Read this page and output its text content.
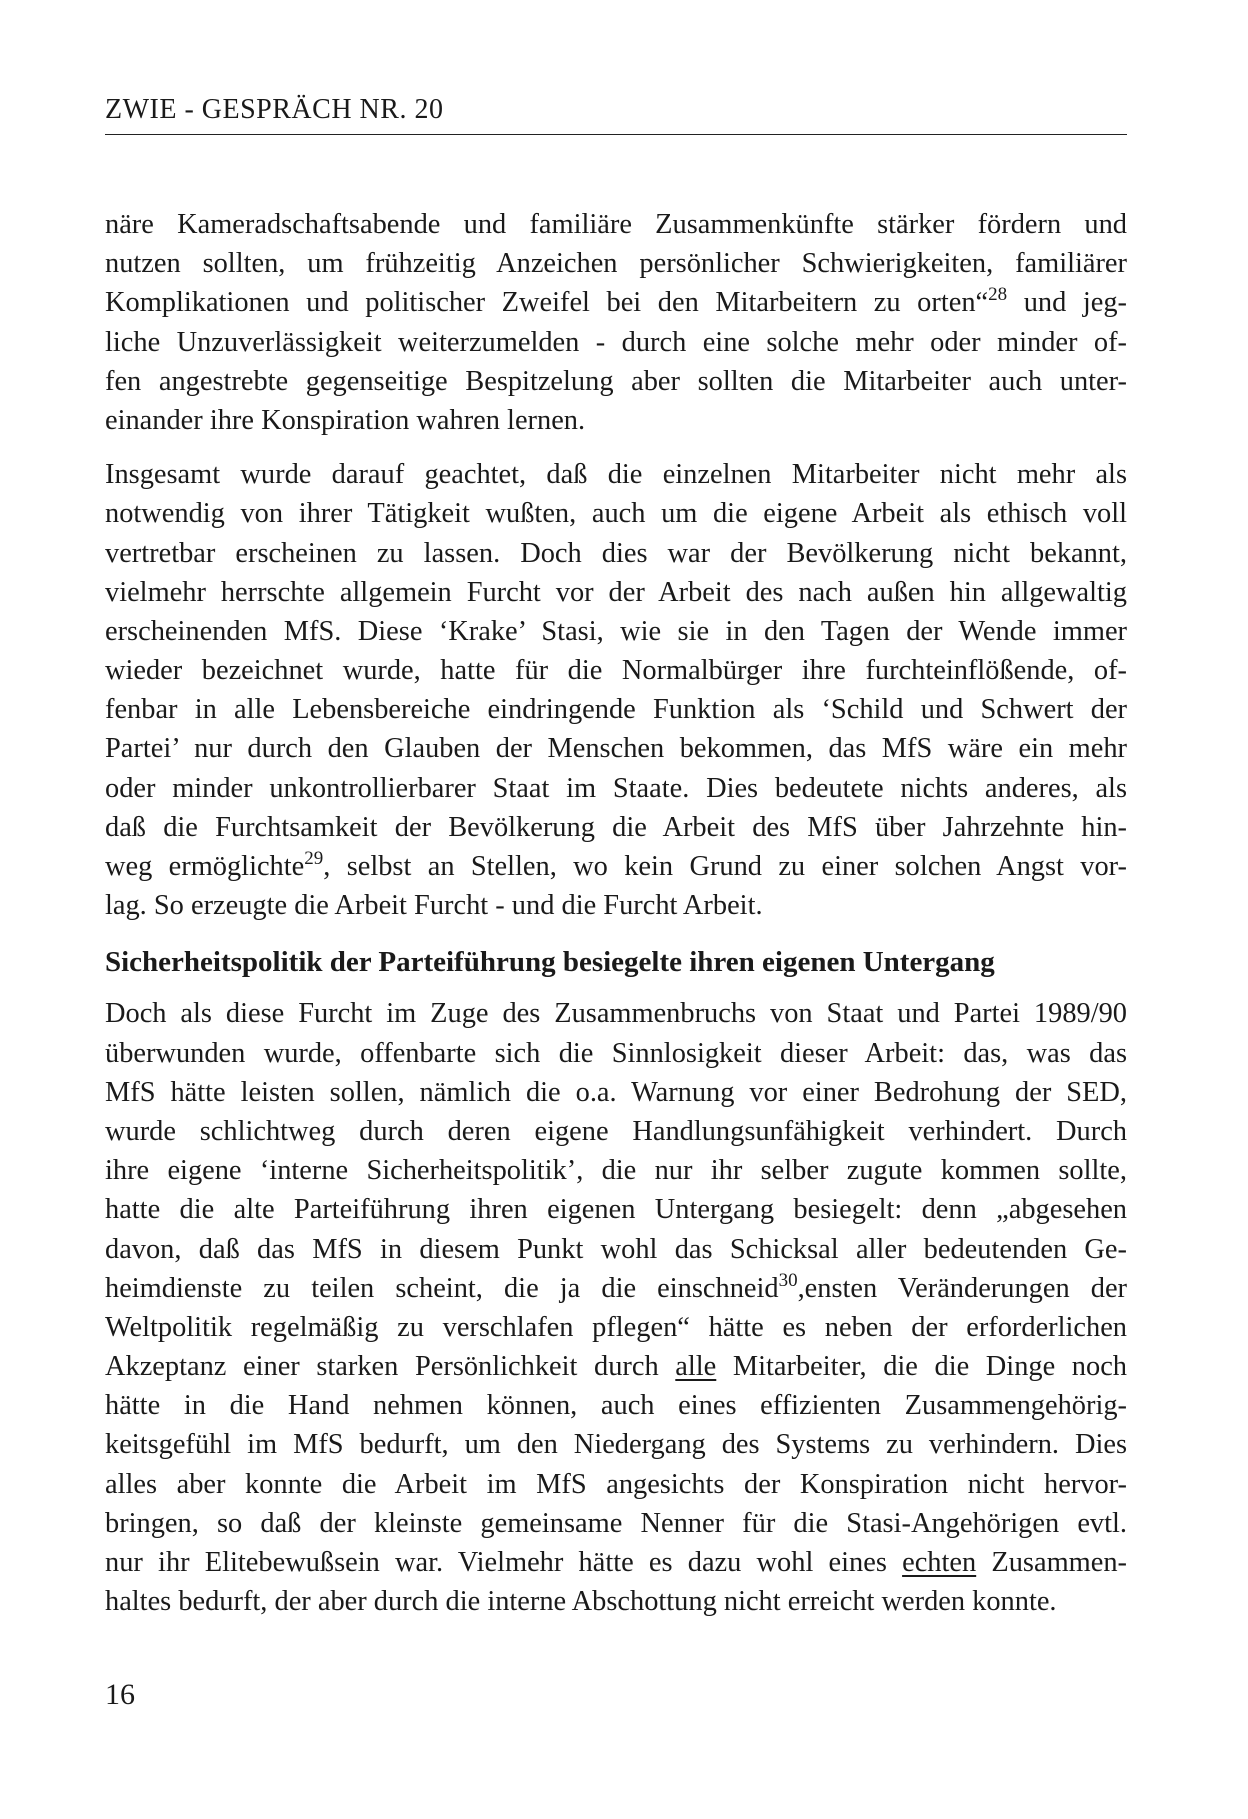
ZWIE - GESPRÄCH NR. 20
näre Kameradschaftsabende und familiäre Zusammenkünfte stärker fördern und
nutzen sollten, um frühzeitig Anzeichen persönlicher Schwierigkeiten, familiärer
Komplikationen und politischer Zweifel bei den Mitarbeitern zu orten“$^{28}$ und jeg-
liche Unzuverlässigkeit weiterzumelden - durch eine solche mehr oder minder of-
fen angestrebte gegenseitige Bespitzelung aber sollten die Mitarbeiter auch unter-
einander ihre Konspiration wahren lernen.
Insgesamt wurde darauf geachtet, daß die einzelnen Mitarbeiter nicht mehr als
notwendig von ihrer Tätigkeit wußten, auch um die eigene Arbeit als ethisch voll
vertretbar erscheinen zu lassen. Doch dies war der Bevölkerung nicht bekannt,
vielmehr herrschte allgemein Furcht vor der Arbeit des nach außen hin allgewaltig
erscheinenden MfS. Diese ‘Krake’ Stasi, wie sie in den Tagen der Wende immer
wieder bezeichnet wurde, hatte für die Normalbürger ihre furchteinflößende, of-
fenbar in alle Lebensbereiche eindringende Funktion als ‘Schild und Schwert der
Partei’ nur durch den Glauben der Menschen bekommen, das MfS wäre ein mehr
oder minder unkontrollierbarer Staat im Staate. Dies bedeutete nichts anderes, als
daß die Furchtsamkeit der Bevölkerung die Arbeit des MfS über Jahrzehnte hin-
weg ermöglichte$^{29}$, selbst an Stellen, wo kein Grund zu einer solchen Angst vor-
lag. So erzeugte die Arbeit Furcht - und die Furcht Arbeit.
Sicherheitspolitik der Parteiführung besiegelte ihren eigenen Untergang
Doch als diese Furcht im Zuge des Zusammenbruchs von Staat und Partei 1989/90
überwunden wurde, offenbarte sich die Sinnlosigkeit dieser Arbeit: das, was das
MfS hätte leisten sollen, nämlich die o.a. Warnung vor einer Bedrohung der SED,
wurde schlichtweg durch deren eigene Handlungsunfähigkeit verhindert. Durch
ihre eigene ‘interne Sicherheitspolitik’, die nur ihr selber zugute kommen sollte,
hatte die alte Parteiführung ihren eigenen Untergang besiegelt: denn „abgesehen
davon, daß das MfS in diesem Punkt wohl das Schicksal aller bedeutenden Ge-
heimdienste zu teilen scheint, die ja die einschneid$^{30}$,ensten Veränderungen der
Weltpolitik regelmäßig zu verschlafen pflegen“ hätte es neben der erforderlichen
Akzeptanz einer starken Persönlichkeit durch alle Mitarbeiter, die die Dinge noch
hätte in die Hand nehmen können, auch eines effizienten Zusammengehörig-
keitsgefühl im MfS bedurft, um den Niedergang des Systems zu verhindern. Dies
alles aber konnte die Arbeit im MfS angesichts der Konspiration nicht hervor-
bringen, so daß der kleinste gemeinsame Nenner für die Stasi-Angehörigen evtl.
nur ihr Elitebewußsein war. Vielmehr hätte es dazu wohl eines echten Zusammen-
haltes bedurft, der aber durch die interne Abschottung nicht erreicht werden konnte.
16
